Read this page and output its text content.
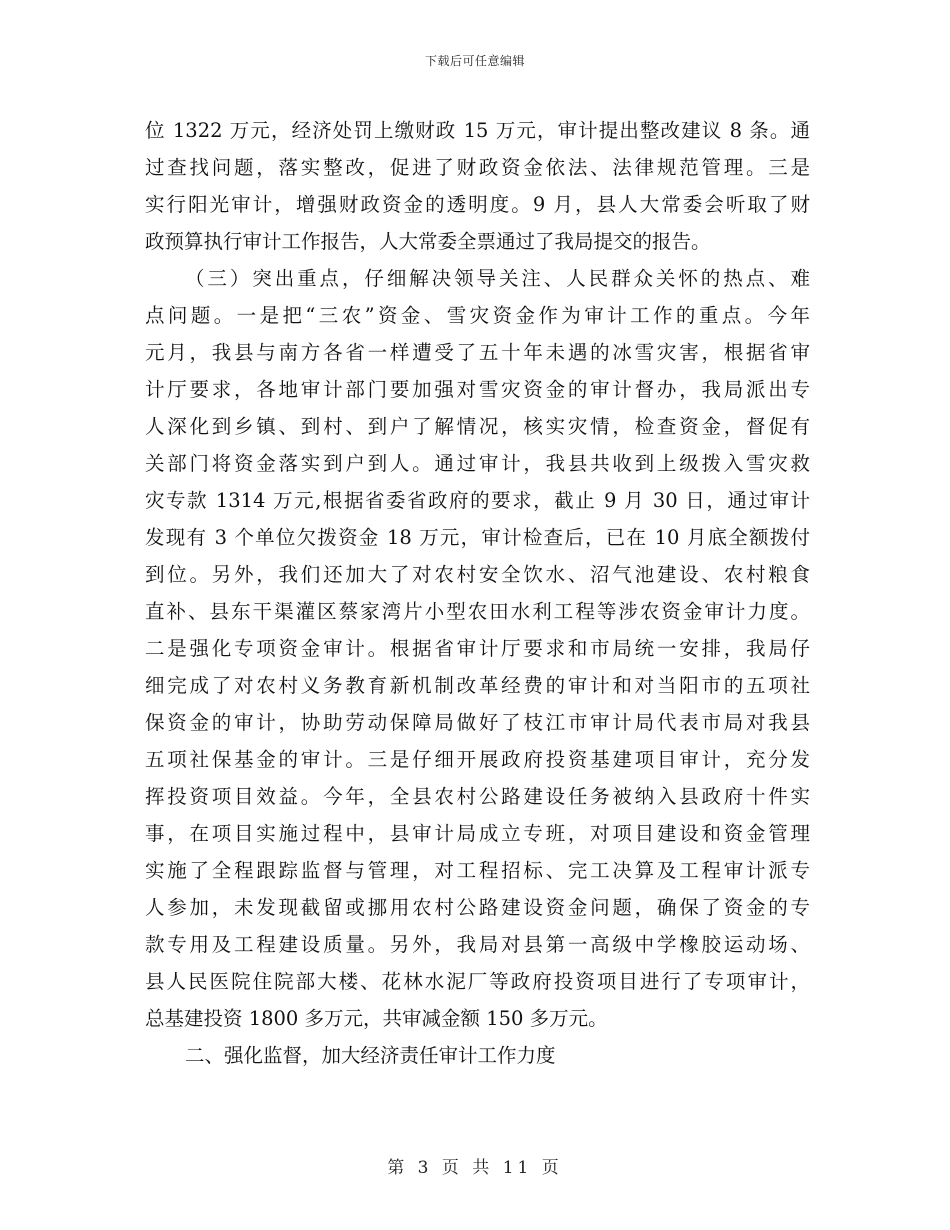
下载后可任意编辑
位 1322 万元，经济处罚上缴财政 15 万元，审计提出整改建议 8 条。通
过查找问题，落实整改，促进了财政资金依法、法律规范管理。三是
实行阳光审计，增强财政资金的透明度。9 月，县人大常委会听取了财
政预算执行审计工作报告，人大常委全票通过了我局提交的报告。
（三）突出重点，仔细解决领导关注、人民群众关怀的热点、难
点问题。一是把“三农”资金、雪灾资金作为审计工作的重点。今年
元月，我县与南方各省一样遭受了五十年未遇的冰雪灾害，根据省审
计厅要求，各地审计部门要加强对雪灾资金的审计督办，我局派出专
人深化到乡镇、到村、到户了解情况，核实灾情，检查资金，督促有
关部门将资金落实到户到人。通过审计，我县共收到上级拨入雪灾救
灾专款 1314 万元,根据省委省政府的要求，截止 9 月 30 日，通过审计
发现有 3 个单位欠拨资金 18 万元，审计检查后，已在 10 月底全额拨付
到位。另外，我们还加大了对农村安全饮水、沼气池建设、农村粮食
直补、县东干渠灌区蔡家湾片小型农田水利工程等涉农资金审计力度。
二是强化专项资金审计。根据省审计厅要求和市局统一安排，我局仔
细完成了对农村义务教育新机制改革经费的审计和对当阳市的五项社
保资金的审计，协助劳动保障局做好了枝江市审计局代表市局对我县
五项社保基金的审计。三是仔细开展政府投资基建项目审计，充分发
挥投资项目效益。今年，全县农村公路建设任务被纳入县政府十件实
事，在项目实施过程中，县审计局成立专班，对项目建设和资金管理
实施了全程跟踪监督与管理，对工程招标、完工决算及工程审计派专
人参加，未发现截留或挪用农村公路建设资金问题，确保了资金的专
款专用及工程建设质量。另外，我局对县第一高级中学橡胶运动场、
县人民医院住院部大楼、花林水泥厂等政府投资项目进行了专项审计，
总基建投资 1800 多万元，共审减金额 150 多万元。
二、强化监督，加大经济责任审计工作力度
第 3 页 共 11 页
